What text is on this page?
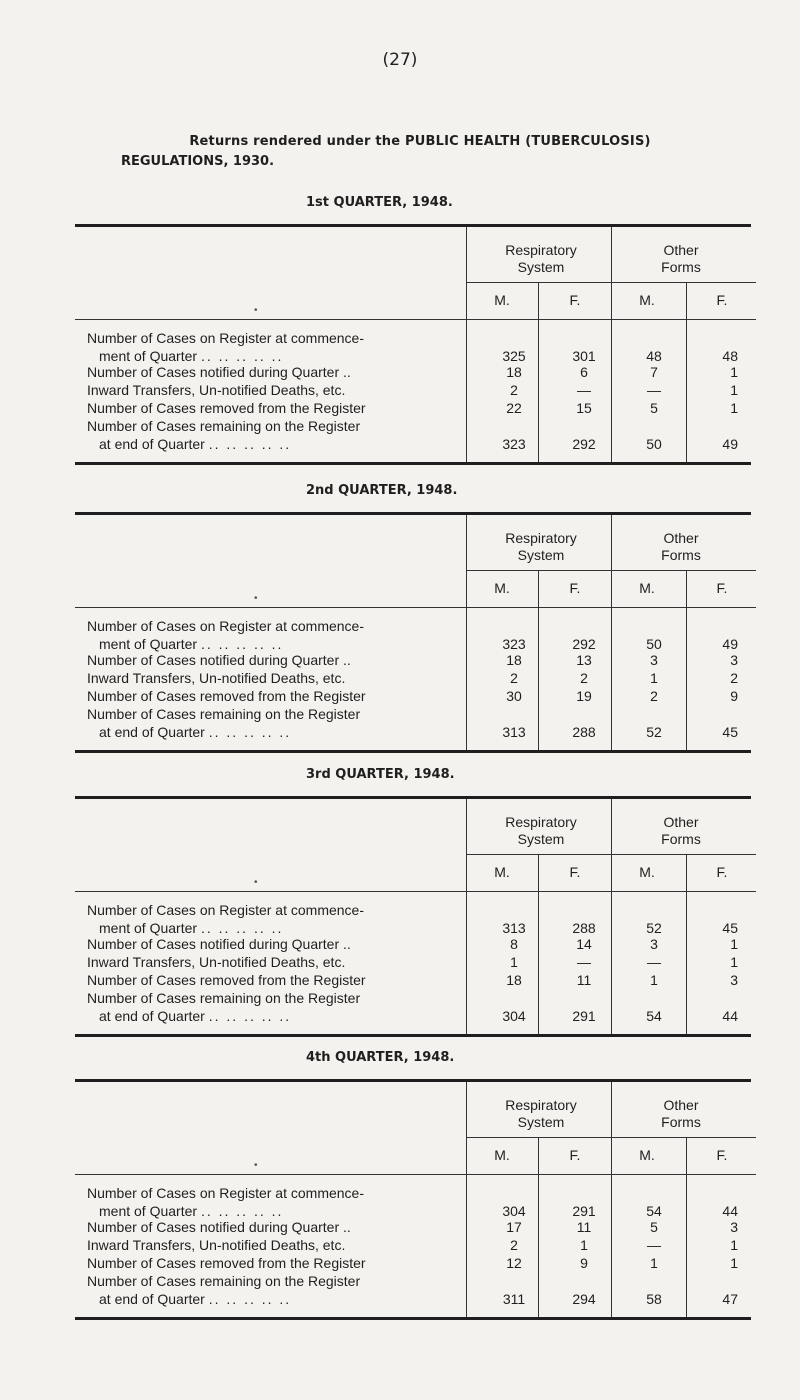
(27)
Returns rendered under the PUBLIC HEALTH (TUBERCULOSIS)
REGULATIONS, 1930.
1st QUARTER, 1948.
•
Respiratory System
Other Forms
M.	F.	M.	F.
Number of Cases on Register at commence-
ment of Quarter .. .. .. .. ..	325	301	48	48
Number of Cases notified during Quarter ..	18	6	7	1
Inward Transfers, Un-notified Deaths, etc.	2	—	—	1
Number of Cases removed from the Register	22	15	5	1
Number of Cases remaining on the Register
at end of Quarter .. .. .. .. ..	323	292	50	49
2nd QUARTER, 1948.
•
Respiratory System
Other Forms
M.	F.	M.	F.
Number of Cases on Register at commence-
ment of Quarter .. .. .. .. ..	323	292	50	49
Number of Cases notified during Quarter ..	18	13	3	3
Inward Transfers, Un-notified Deaths, etc.	2	2	1	2
Number of Cases removed from the Register	30	19	2	9
Number of Cases remaining on the Register
at end of Quarter .. .. .. .. ..	313	288	52	45
3rd QUARTER, 1948.
•
Respiratory System
Other Forms
M.	F.	M.	F.
Number of Cases on Register at commence-
ment of Quarter .. .. .. .. ..	313	288	52	45
Number of Cases notified during Quarter ..	8	14	3	1
Inward Transfers, Un-notified Deaths, etc.	1	—	—	1
Number of Cases removed from the Register	18	11	1	3
Number of Cases remaining on the Register
at end of Quarter .. .. .. .. ..	304	291	54	44
4th QUARTER, 1948.
•
Respiratory System
Other Forms
M.	F.	M.	F.
Number of Cases on Register at commence-
ment of Quarter .. .. .. .. ..	304	291	54	44
Number of Cases notified during Quarter ..	17	11	5	3
Inward Transfers, Un-notified Deaths, etc.	2	1	—	1
Number of Cases removed from the Register	12	9	1	1
Number of Cases remaining on the Register
at end of Quarter .. .. .. .. ..	311	294	58	47
